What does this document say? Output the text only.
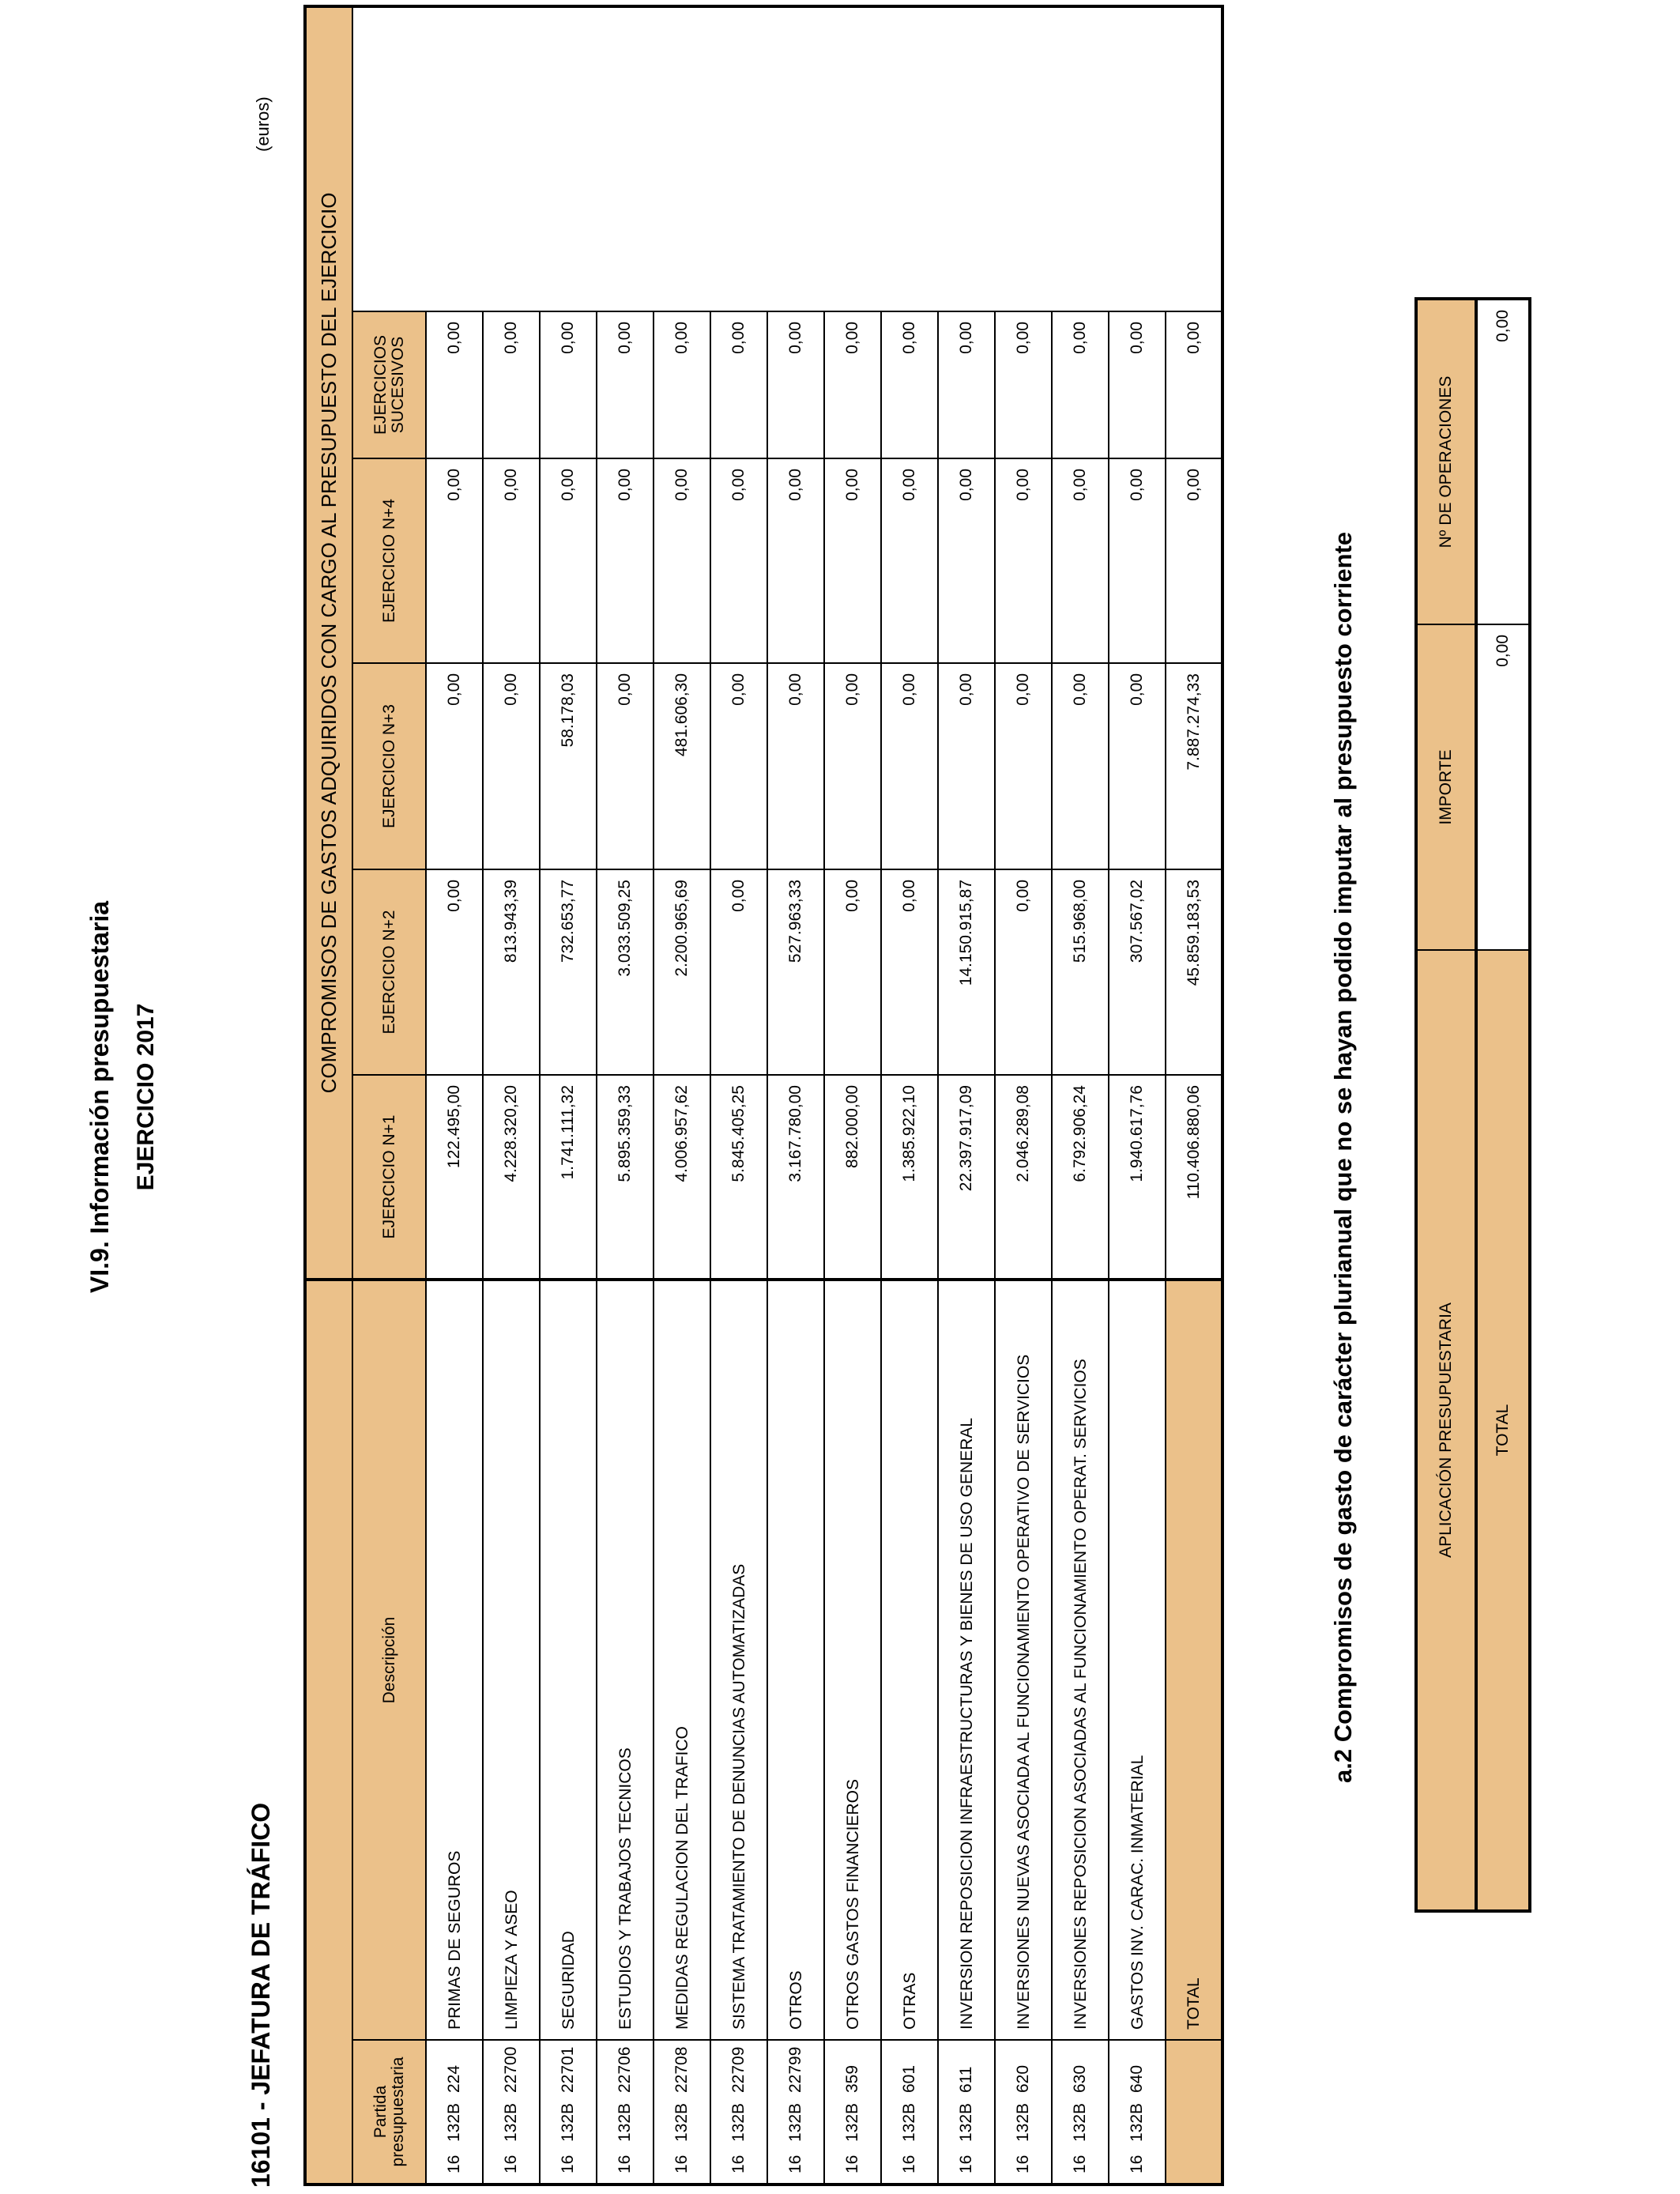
VI.9. Información presupuestaria EJERCICIO 2017
16101 - JEFATURA DE TRÁFICO
(euros)
		COMPROMISOS DE GASTOS ADQUIRIDOS CON CARGO AL PRESUPUESTO DEL EJERCICIO					
Partida presupuestaria	Descripción	EJERCICIO N+1	EJERCICIO N+2	EJERCICIO N+3	EJERCICIO N+4	EJERCICIOS SUCESIVOS	
16132B224	PRIMAS DE SEGUROS	122.495,00	0,00	0,00	0,00	0,00	
16132B22700	LIMPIEZA Y ASEO	4.228.320,20	813.943,39	0,00	0,00	0,00	
16132B22701	SEGURIDAD	1.741.111,32	732.653,77	58.178,03	0,00	0,00	
16132B22706	ESTUDIOS Y TRABAJOS TECNICOS	5.895.359,33	3.033.509,25	0,00	0,00	0,00	
16132B22708	MEDIDAS REGULACION DEL TRAFICO	4.006.957,62	2.200.965,69	481.606,30	0,00	0,00	
16132B22709	SISTEMA TRATAMIENTO DE DENUNCIAS AUTOMATIZADAS	5.845.405,25	0,00	0,00	0,00	0,00	
16132B22799	OTROS	3.167.780,00	527.963,33	0,00	0,00	0,00	
16132B359	OTROS GASTOS FINANCIEROS	882.000,00	0,00	0,00	0,00	0,00	
16132B601	OTRAS	1.385.922,10	0,00	0,00	0,00	0,00	
16132B611	INVERSION REPOSICION INFRAESTRUCTURAS Y BIENES DE USO GENERAL	22.397.917,09	14.150.915,87	0,00	0,00	0,00	
16132B620	INVERSIONES NUEVAS ASOCIADA AL FUNCIONAMIENTO OPERATIVO DE SERVICIOS	2.046.289,08	0,00	0,00	0,00	0,00	
16132B630	INVERSIONES REPOSICION ASOCIADAS AL FUNCIONAMIENTO OPERAT. SERVICIOS	6.792.906,24	515.968,00	0,00	0,00	0,00	
16132B640	GASTOS INV. CARAC. INMATERIAL	1.940.617,76	307.567,02	0,00	0,00	0,00	
	TOTAL	110.406.880,06	45.859.183,53	7.887.274,33	0,00	0,00	
a.2 Compromisos de gasto de carácter plurianual que no se hayan podido imputar al presupuesto corriente	APLICACIÓN PRESUPUESTARIA	IMPORTE	Nº DE OPERACIONES
TOTAL	0,00	0,00
